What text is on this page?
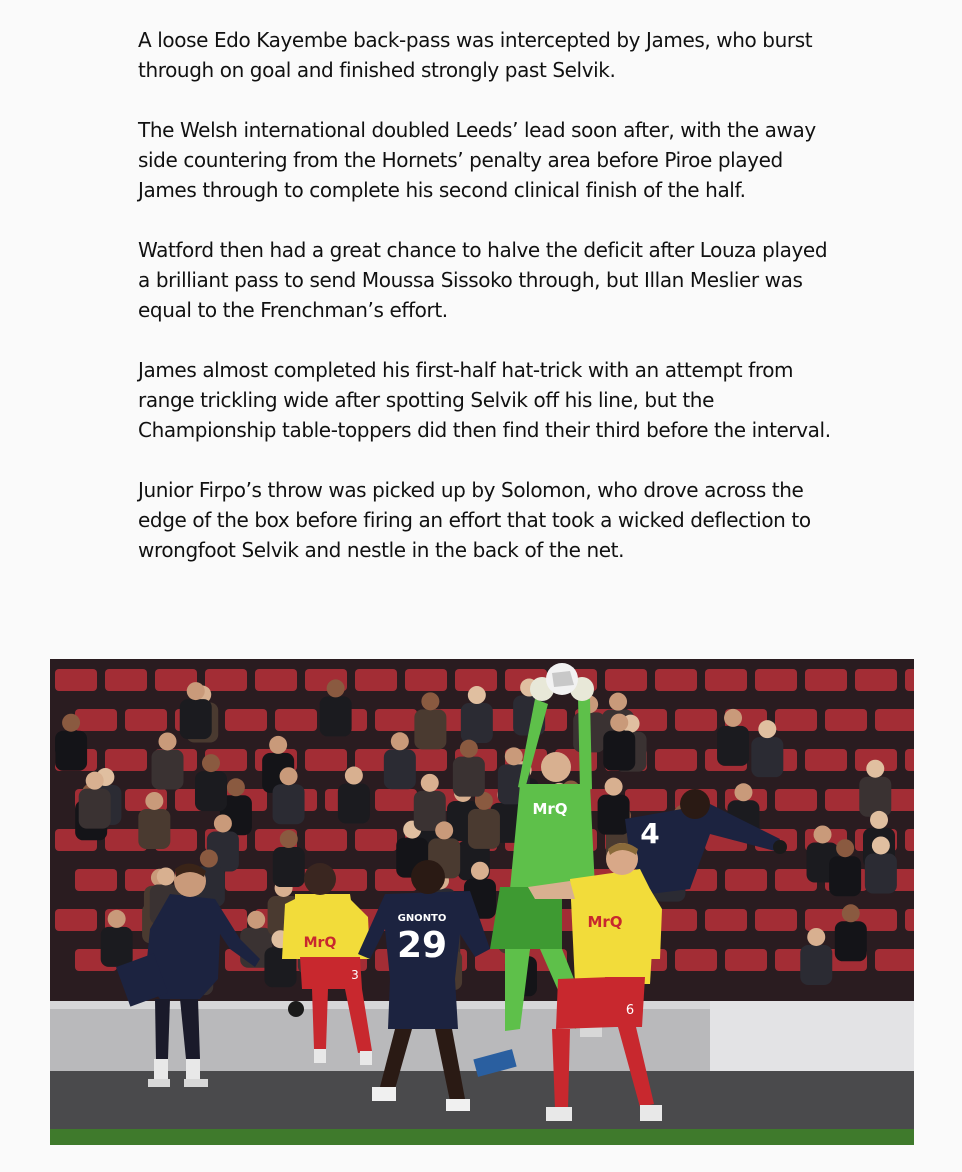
A loose Edo Kayembe back-pass was intercepted by James, who burst through on goal and finished strongly past Selvik.

The Welsh international doubled Leeds’ lead soon after, with the away side countering from the Hornets’ penalty area before Piroe played James through to complete his second clinical finish of the half.

Watford then had a great chance to halve the deficit after Louza played a brilliant pass to send Moussa Sissoko through, but Illan Meslier was equal to the Frenchman’s effort.

James almost completed his first-half hat-trick with an attempt from range trickling wide after spotting Selvik off his line, but the Championship table-toppers did then find their third before the interval.

Junior Firpo’s throw was picked up by Solomon, who drove across the edge of the box before firing an effort that took a wicked deflection to wrongfoot Selvik and nestle in the back of the net.

MrQ
3
GNONTO
29
MrQ
4
MrQ
6
